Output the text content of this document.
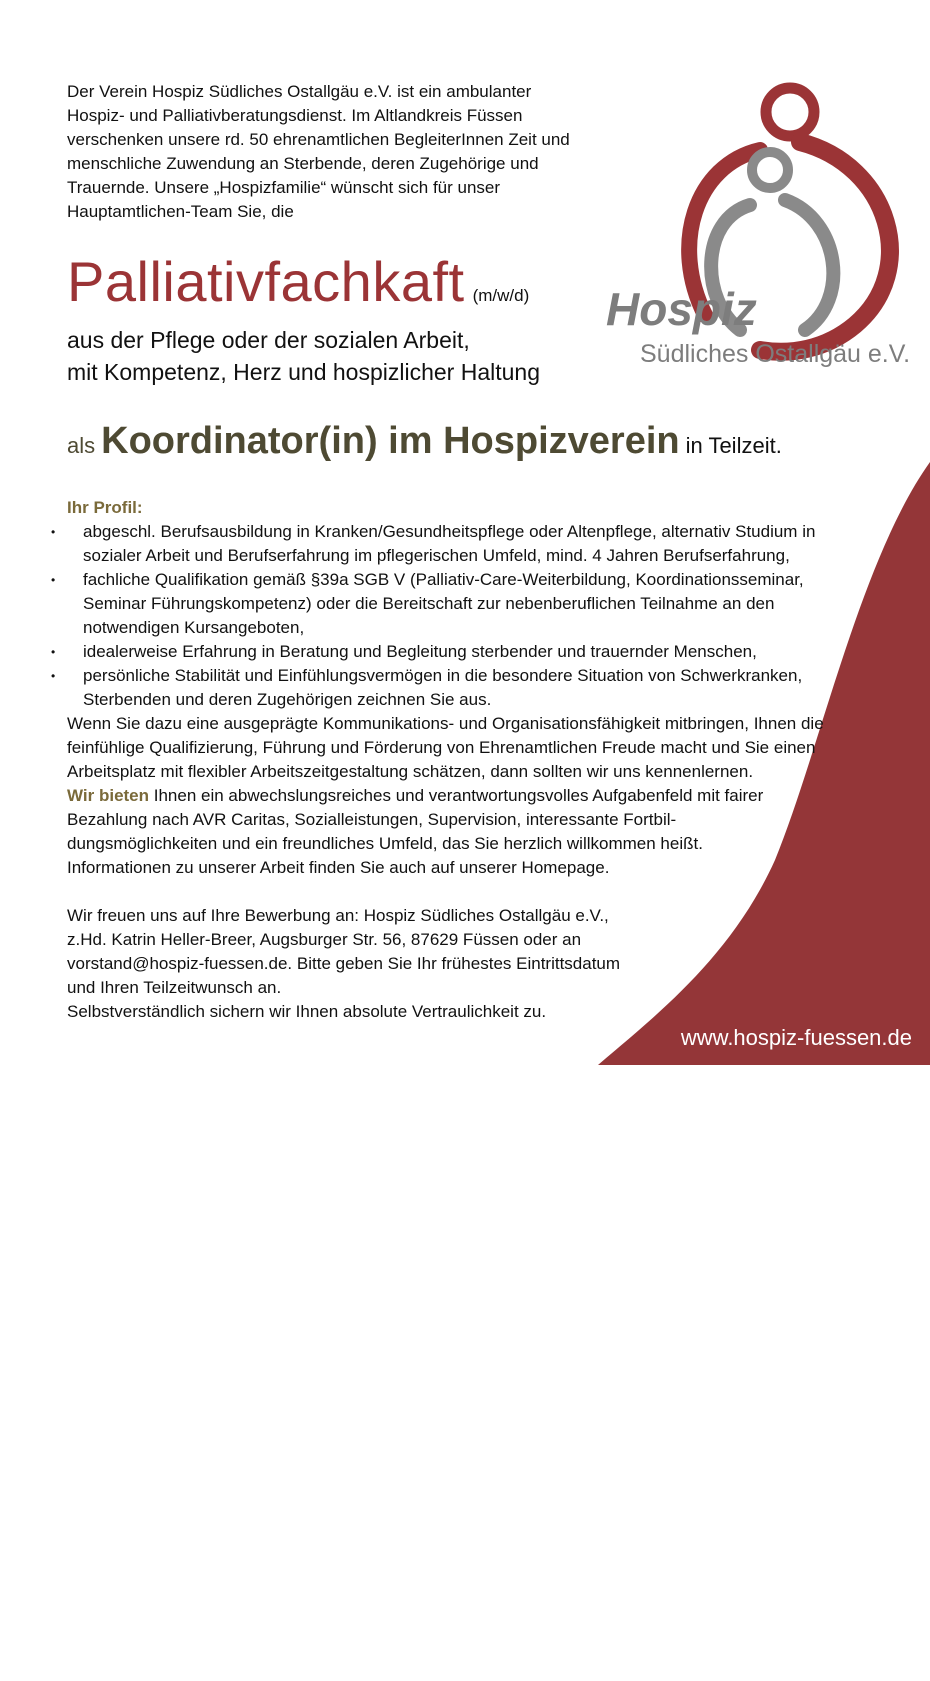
Hospiz
Südliches Ostallgäu e.V.

Der Verein Hospiz Südliches Ostallgäu e.V. ist ein ambulanter Hospiz- und Palliativberatungsdienst. Im Altlandkreis Füssen verschenken unsere rd. 50 ehrenamtlichen BegleiterInnen Zeit und menschliche Zuwendung an Sterbende, deren Zugehörige und Trauernde. Unsere „Hospizfamilie“ wünscht sich für unser Hauptamtlichen-Team Sie, die

Palliativfachkaft (m/w/d)

aus der Pflege oder der sozialen Arbeit,
mit Kompetenz, Herz und hospizlicher Haltung

als Koordinator(in) im Hospizverein in Teilzeit.

Ihr Profil:
• abgeschl. Berufsausbildung in Kranken/Gesundheitspflege oder Altenpflege, alternativ Studium in sozialer Arbeit und Berufserfahrung im pflegerischen Umfeld, mind. 4 Jahren Berufserfahrung,
• fachliche Qualifikation gemäß §39a SGB V (Palliativ-Care-Weiterbildung, Koordinationsseminar, Seminar Führungskompetenz) oder die Bereitschaft zur nebenberuflichen Teilnahme an den notwendigen Kursangeboten,
• idealerweise Erfahrung in Beratung und Begleitung sterbender und trauernder Menschen,
• persönliche Stabilität und Einfühlungsvermögen in die besondere Situation von Schwerkranken, Sterbenden und deren Zugehörigen zeichnen Sie aus.

Wenn Sie dazu eine ausgeprägte Kommunikations- und Organisationsfähigkeit mitbringen, Ihnen die feinfühlige Qualifizierung, Führung und Förderung von Ehrenamtlichen Freude macht und Sie einen Arbeitsplatz mit flexibler Arbeitszeitgestaltung schätzen, dann sollten wir uns kennenlernen.

Wir bieten Ihnen ein abwechslungsreiches und verantwortungsvolles Aufgabenfeld mit fairer Bezahlung nach AVR Caritas, Sozialleistungen, Supervision, interessante Fortbil-dungsmöglichkeiten und ein freundliches Umfeld, das Sie herzlich willkommen heißt.

Informationen zu unserer Arbeit finden Sie auch auf unserer Homepage.

Wir freuen uns auf Ihre Bewerbung an: Hospiz Südliches Ostallgäu e.V.,
z.Hd. Katrin Heller-Breer, Augsburger Str. 56, 87629 Füssen oder an
vorstand@hospiz-fuessen.de. Bitte geben Sie Ihr frühestes Eintrittsdatum
und Ihren Teilzeitwunsch an.
Selbstverständlich sichern wir Ihnen absolute Vertraulichkeit zu.

www.hospiz-fuessen.de
